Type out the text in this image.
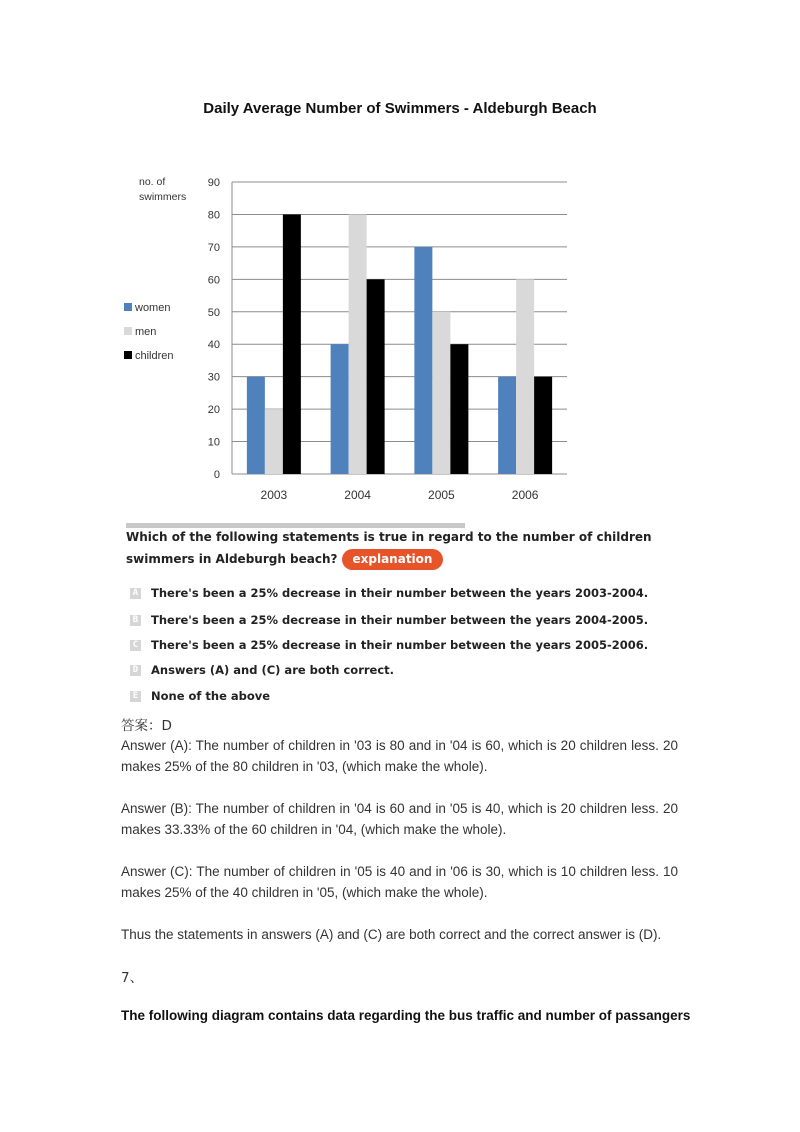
Daily Average Number of Swimmers - Aldeburgh Beach
0
10
20
30
40
50
60
70
80
90
2003	2004	2005	2006
women
men
children
no. of
swimmers
Which of the following statements is true in regard to the number of children swimmers in Aldeburgh beach? explanation
A There's been a 25% decrease in their number between the years 2003-2004.
B There's been a 25% decrease in their number between the years 2004-2005.
C There's been a 25% decrease in their number between the years 2005-2006.
D Answers (A) and (C) are both correct.
E None of the above
答案：D
Answer (A): The number of children in '03 is 80 and in '04 is 60, which is 20 children less. 20 makes 25% of the 80 children in '03, (which make the whole).
Answer (B): The number of children in '04 is 60 and in '05 is 40, which is 20 children less. 20 makes 33.33% of the 60 children in '04, (which make the whole).
Answer (C): The number of children in '05 is 40 and in '06 is 30, which is 10 children less. 10 makes 25% of the 40 children in '05, (which make the whole).
Thus the statements in answers (A) and (C) are both correct and the correct answer is (D).
7、
The following diagram contains data regarding the bus traffic and number of passangers
